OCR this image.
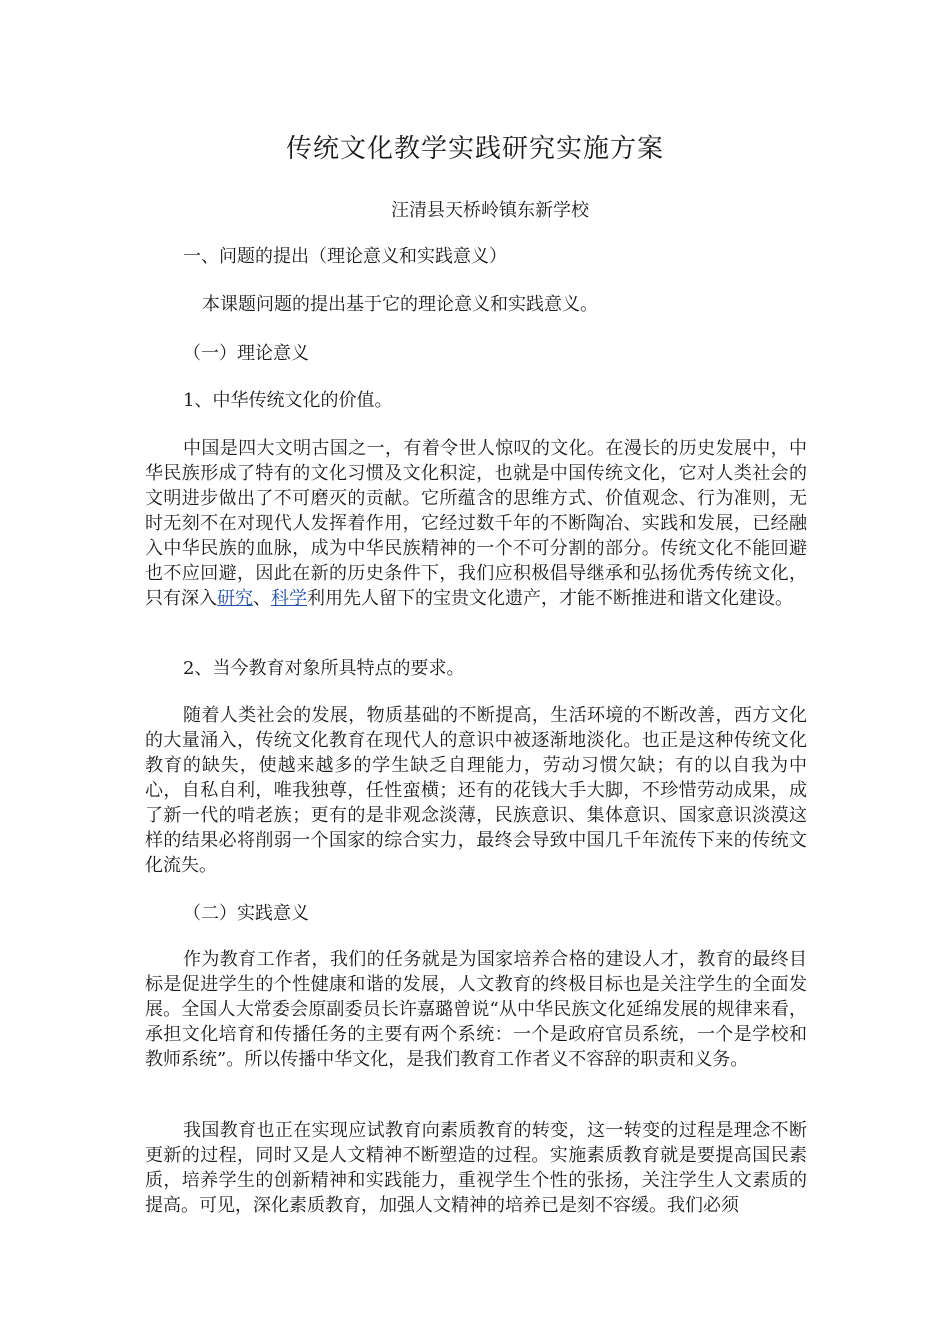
传统文化教学实践研究实施方案

汪清县天桥岭镇东新学校

一、问题的提出（理论意义和实践意义）

本课题问题的提出基于它的理论意义和实践意义。

（一）理论意义

1、中华传统文化的价值。

中国是四大文明古国之一，有着令世人惊叹的文化。在漫长的历史发展中，中华民族形成了特有的文化习惯及文化积淀，也就是中国传统文化，它对人类社会的文明进步做出了不可磨灭的贡献。它所蕴含的思维方式、价值观念、行为准则，无时无刻不在对现代人发挥着作用，它经过数千年的不断陶冶、实践和发展，已经融入中华民族的血脉，成为中华民族精神的一个不可分割的部分。传统文化不能回避也不应回避，因此在新的历史条件下，我们应积极倡导继承和弘扬优秀传统文化，只有深入研究、科学利用先人留下的宝贵文化遗产，才能不断推进和谐文化建设。

2、当今教育对象所具特点的要求。

随着人类社会的发展，物质基础的不断提高，生活环境的不断改善，西方文化的大量涌入，传统文化教育在现代人的意识中被逐渐地淡化。也正是这种传统文化教育的缺失，使越来越多的学生缺乏自理能力，劳动习惯欠缺；有的以自我为中心，自私自利，唯我独尊，任性蛮横；还有的花钱大手大脚，不珍惜劳动成果，成了新一代的啃老族；更有的是非观念淡薄，民族意识、集体意识、国家意识淡漠这样的结果必将削弱一个国家的综合实力，最终会导致中国几千年流传下来的传统文化流失。

（二）实践意义

作为教育工作者，我们的任务就是为国家培养合格的建设人才，教育的最终目标是促进学生的个性健康和谐的发展，人文教育的终极目标也是关注学生的全面发展。全国人大常委会原副委员长许嘉璐曾说“从中华民族文化延绵发展的规律来看，承担文化培育和传播任务的主要有两个系统：一个是政府官员系统，一个是学校和教师系统”。所以传播中华文化，是我们教育工作者义不容辞的职责和义务。

我国教育也正在实现应试教育向素质教育的转变，这一转变的过程是理念不断更新的过程，同时又是人文精神不断塑造的过程。实施素质教育就是要提高国民素质，培养学生的创新精神和实践能力，重视学生个性的张扬，关注学生人文素质的提高。可见，深化素质教育，加强人文精神的培养已是刻不容缓。我们必须
